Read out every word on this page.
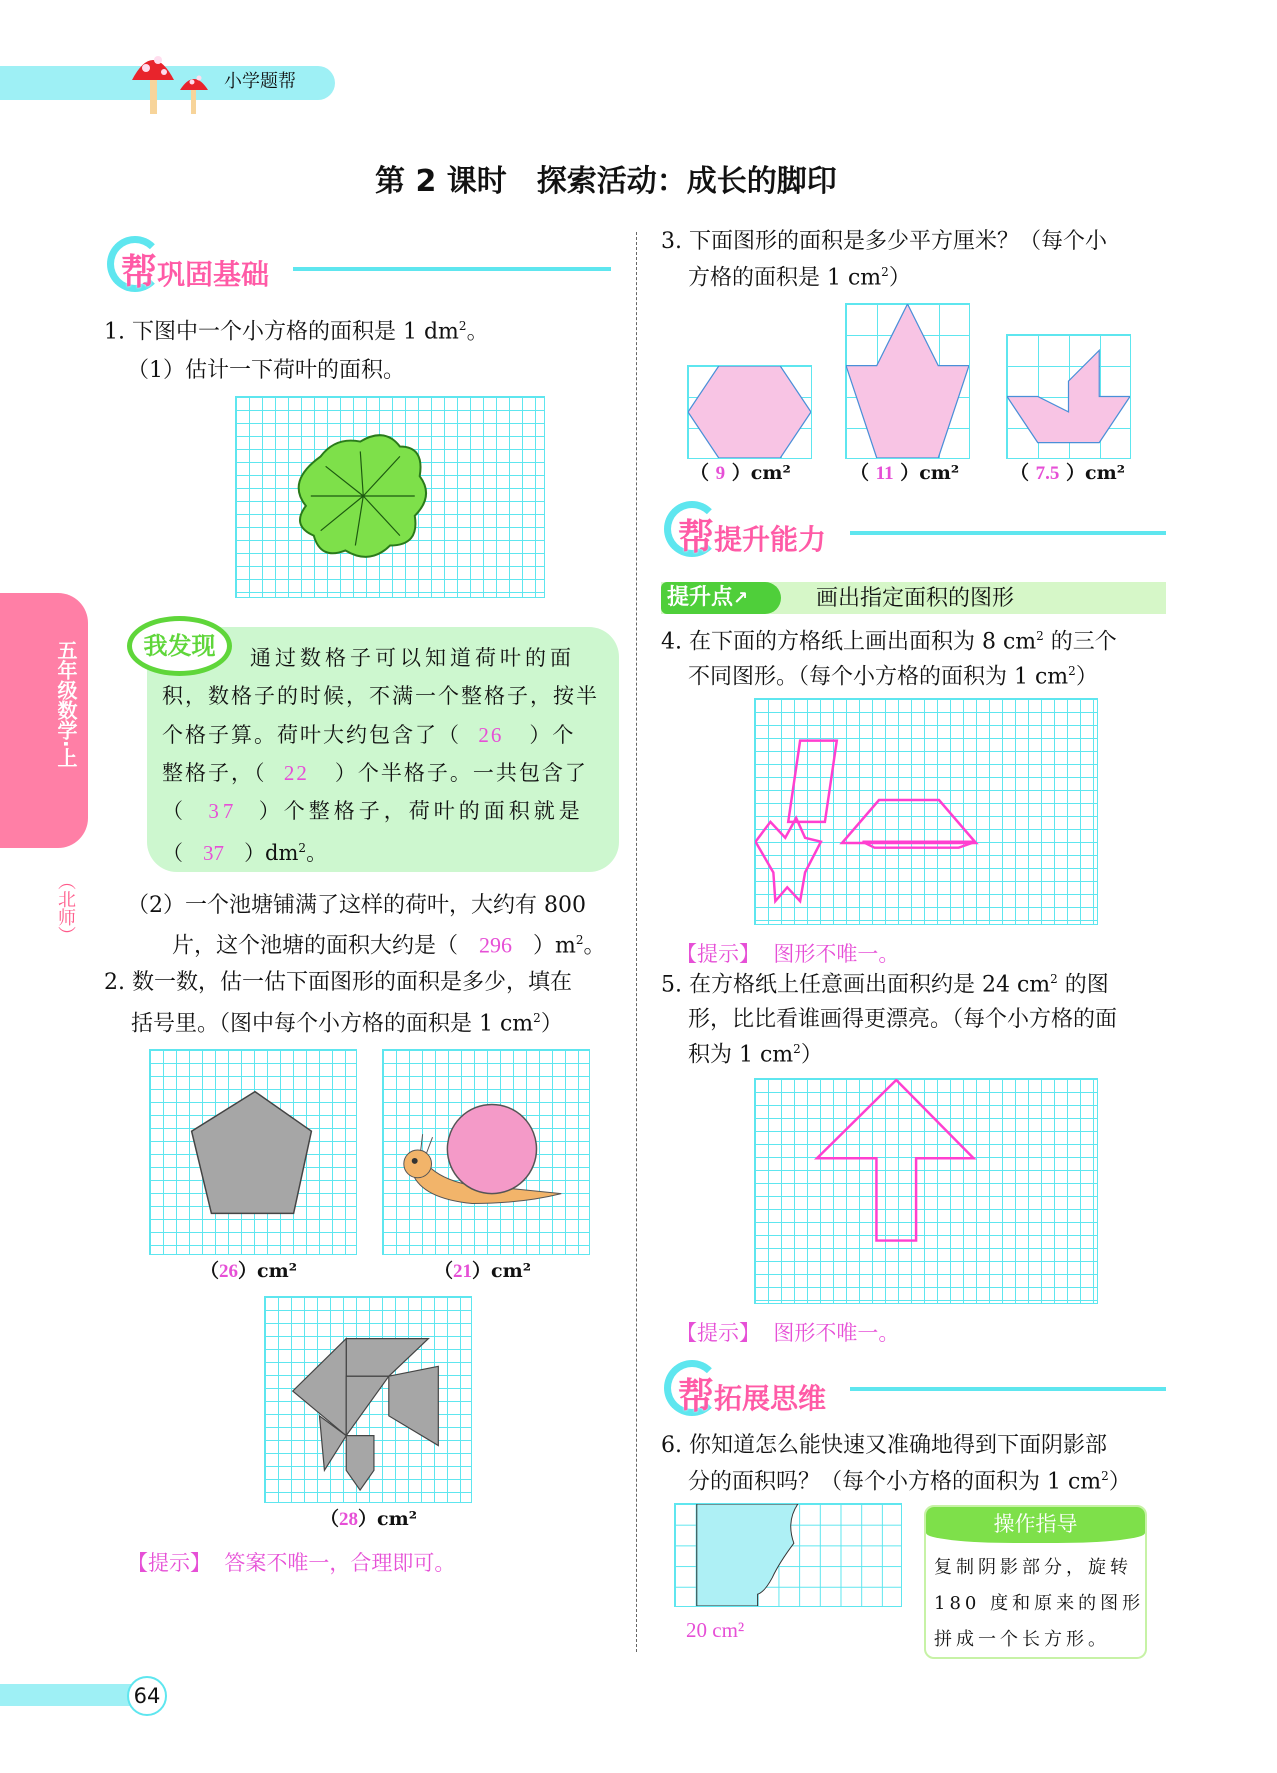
小学题帮
第 2 课时　探索活动：成长的脚印
五年级数学·上
（北师）
帮巩固基础
1. 下图中一个小方格的面积是 1 $dm^2$。
（1）估计一下荷叶的面积。
我发现	通过数格子可以知道荷叶的面
积，数格子的时候，不满一个整格子，按半
个格子算。荷叶大约包含了（ 26 ）个
整格子，（ 22 ）个半格子。一共包含了
（ 37 ）个整格子，荷叶的面积就是
（ 37 ）$dm^2$。
（2）一个池塘铺满了这样的荷叶，大约有 800
片，这个池塘的面积大约是（ 296 ）$m^2$。
2. 数一数，估一估下面图形的面积是多少，填在
括号里。（图中每个小方格的面积是 1 $cm^2$）
（26）cm²	（21）cm²
（28）cm²
【提示】 答案不唯一，合理即可。
3. 下面图形的面积是多少平方厘米？（每个小
方格的面积是 1 $cm^2$）
（ 9 ）cm²	（ 11 ）cm²	（ 7.5 ）cm²
帮提升能力
提升点↗	画出指定面积的图形
4. 在下面的方格纸上画出面积为 8 $cm^2$ 的三个
不同图形。（每个小方格的面积为 1 $cm^2$）
【提示】 图形不唯一。
5. 在方格纸上任意画出面积约是 24 $cm^2$ 的图
形，比比看谁画得更漂亮。（每个小方格的面
积为 1 $cm^2$）
【提示】 图形不唯一。
帮拓展思维
6. 你知道怎么能快速又准确地得到下面阴影部
分的面积吗？（每个小方格的面积为 1 $cm^2$）
20 cm²
操作指导
复制阴影部分，旋转
180 度和原来的图形
拼成一个长方形。
64
